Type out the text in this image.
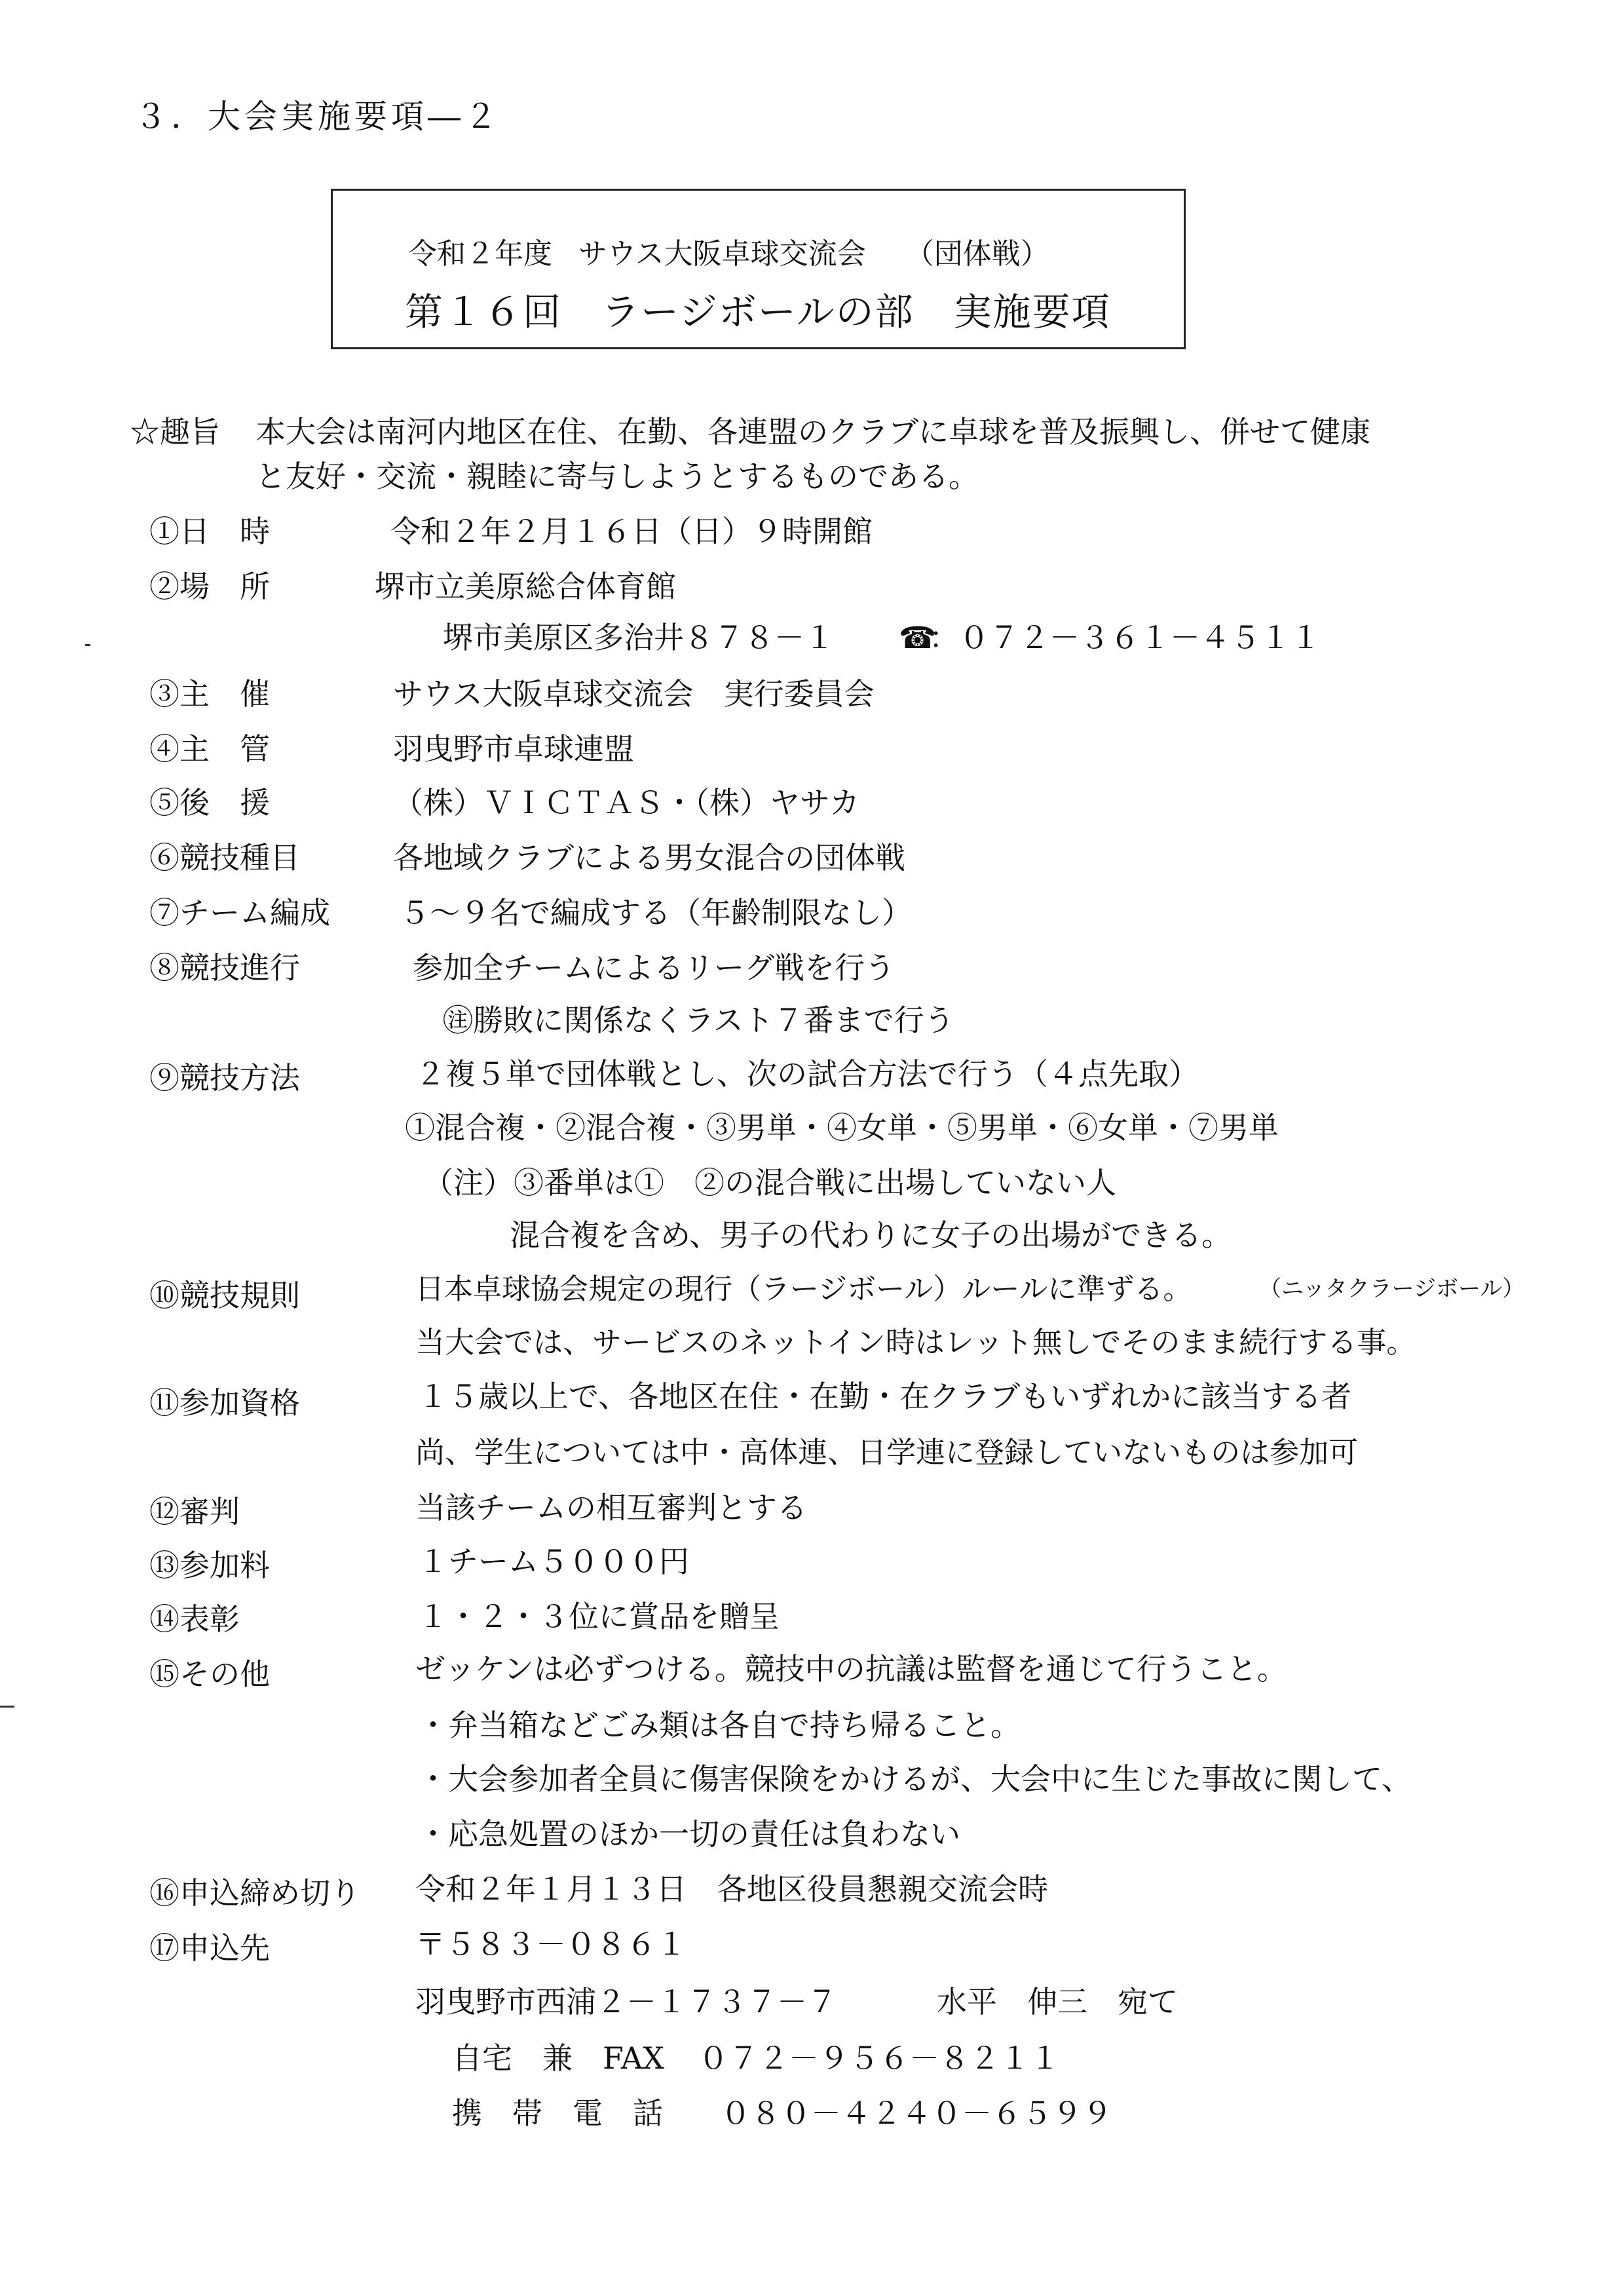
３．大会実施要項―２
令和２年度 サウス大阪卓球交流会 （団体戦）
第１６回　ラージボールの部　実施要項
☆趣旨 本大会は南河内地区在住、在勤、各連盟のクラブに卓球を普及振興し、併せて健康
と友好・交流・親睦に寄与しようとするものである。
①日　時	令和２年２月１６日（日）９時開館
②場　所	堺市立美原総合体育館
堺市美原区多治井８７８－１ ☎
：０７２－３６１－４５１１
③主　催	サウス大阪卓球交流会　実行委員会
④主　管	羽曳野市卓球連盟
⑤後　援	（株）ＶＩＣＴＡＳ・（株）ヤサカ
⑥競技種目	各地域クラブによる男女混合の団体戦
⑦チーム編成 ５～９名で編成する（年齢制限なし）
⑧競技進行	参加全チームによるリーグ戦を行う
㊟勝敗に関係なくラスト７番まで行う
⑨競技方法	２複５単で団体戦とし、次の試合方法で行う（４点先取）
①混合複・②混合複・③男単・④女単・⑤男単・⑥女単・⑦男単
（注）③番単は①　②の混合戦に出場していない人
混合複を含め、男子の代わりに女子の出場ができる。
⑩競技規則	日本卓球協会規定の現行（ラージボール）ルールに準ずる。	（ニッタクラージボール）
当大会では、サービスのネットイン時はレット無しでそのまま続行する事。
⑪参加資格	１５歳以上で、各地区在住・在勤・在クラブもいずれかに該当する者
尚、学生については中・高体連、日学連に登録していないものは参加可
⑫審判	当該チームの相互審判とする
⑬参加料	１チーム５０００円
⑭表彰	１・２・３位に賞品を贈呈
⑮その他	ゼッケンは必ずつける。競技中の抗議は監督を通じて行うこと。
・弁当箱などごみ類は各自で持ち帰ること。
・大会参加者全員に傷害保険をかけるが、大会中に生じた事故に関して、
・応急処置のほか一切の責任は負わない
⑯申込締め切り 令和２年１月１３日　各地区役員懇親交流会時
⑰申込先	〒５８３－０８６１
羽曳野市西浦２－１７３７－７	水平　伸三　宛て
自宅　兼　FAX ０７２－９５６－８２１１
携　帯　電　話 ０８０－４２４０－６５９９
